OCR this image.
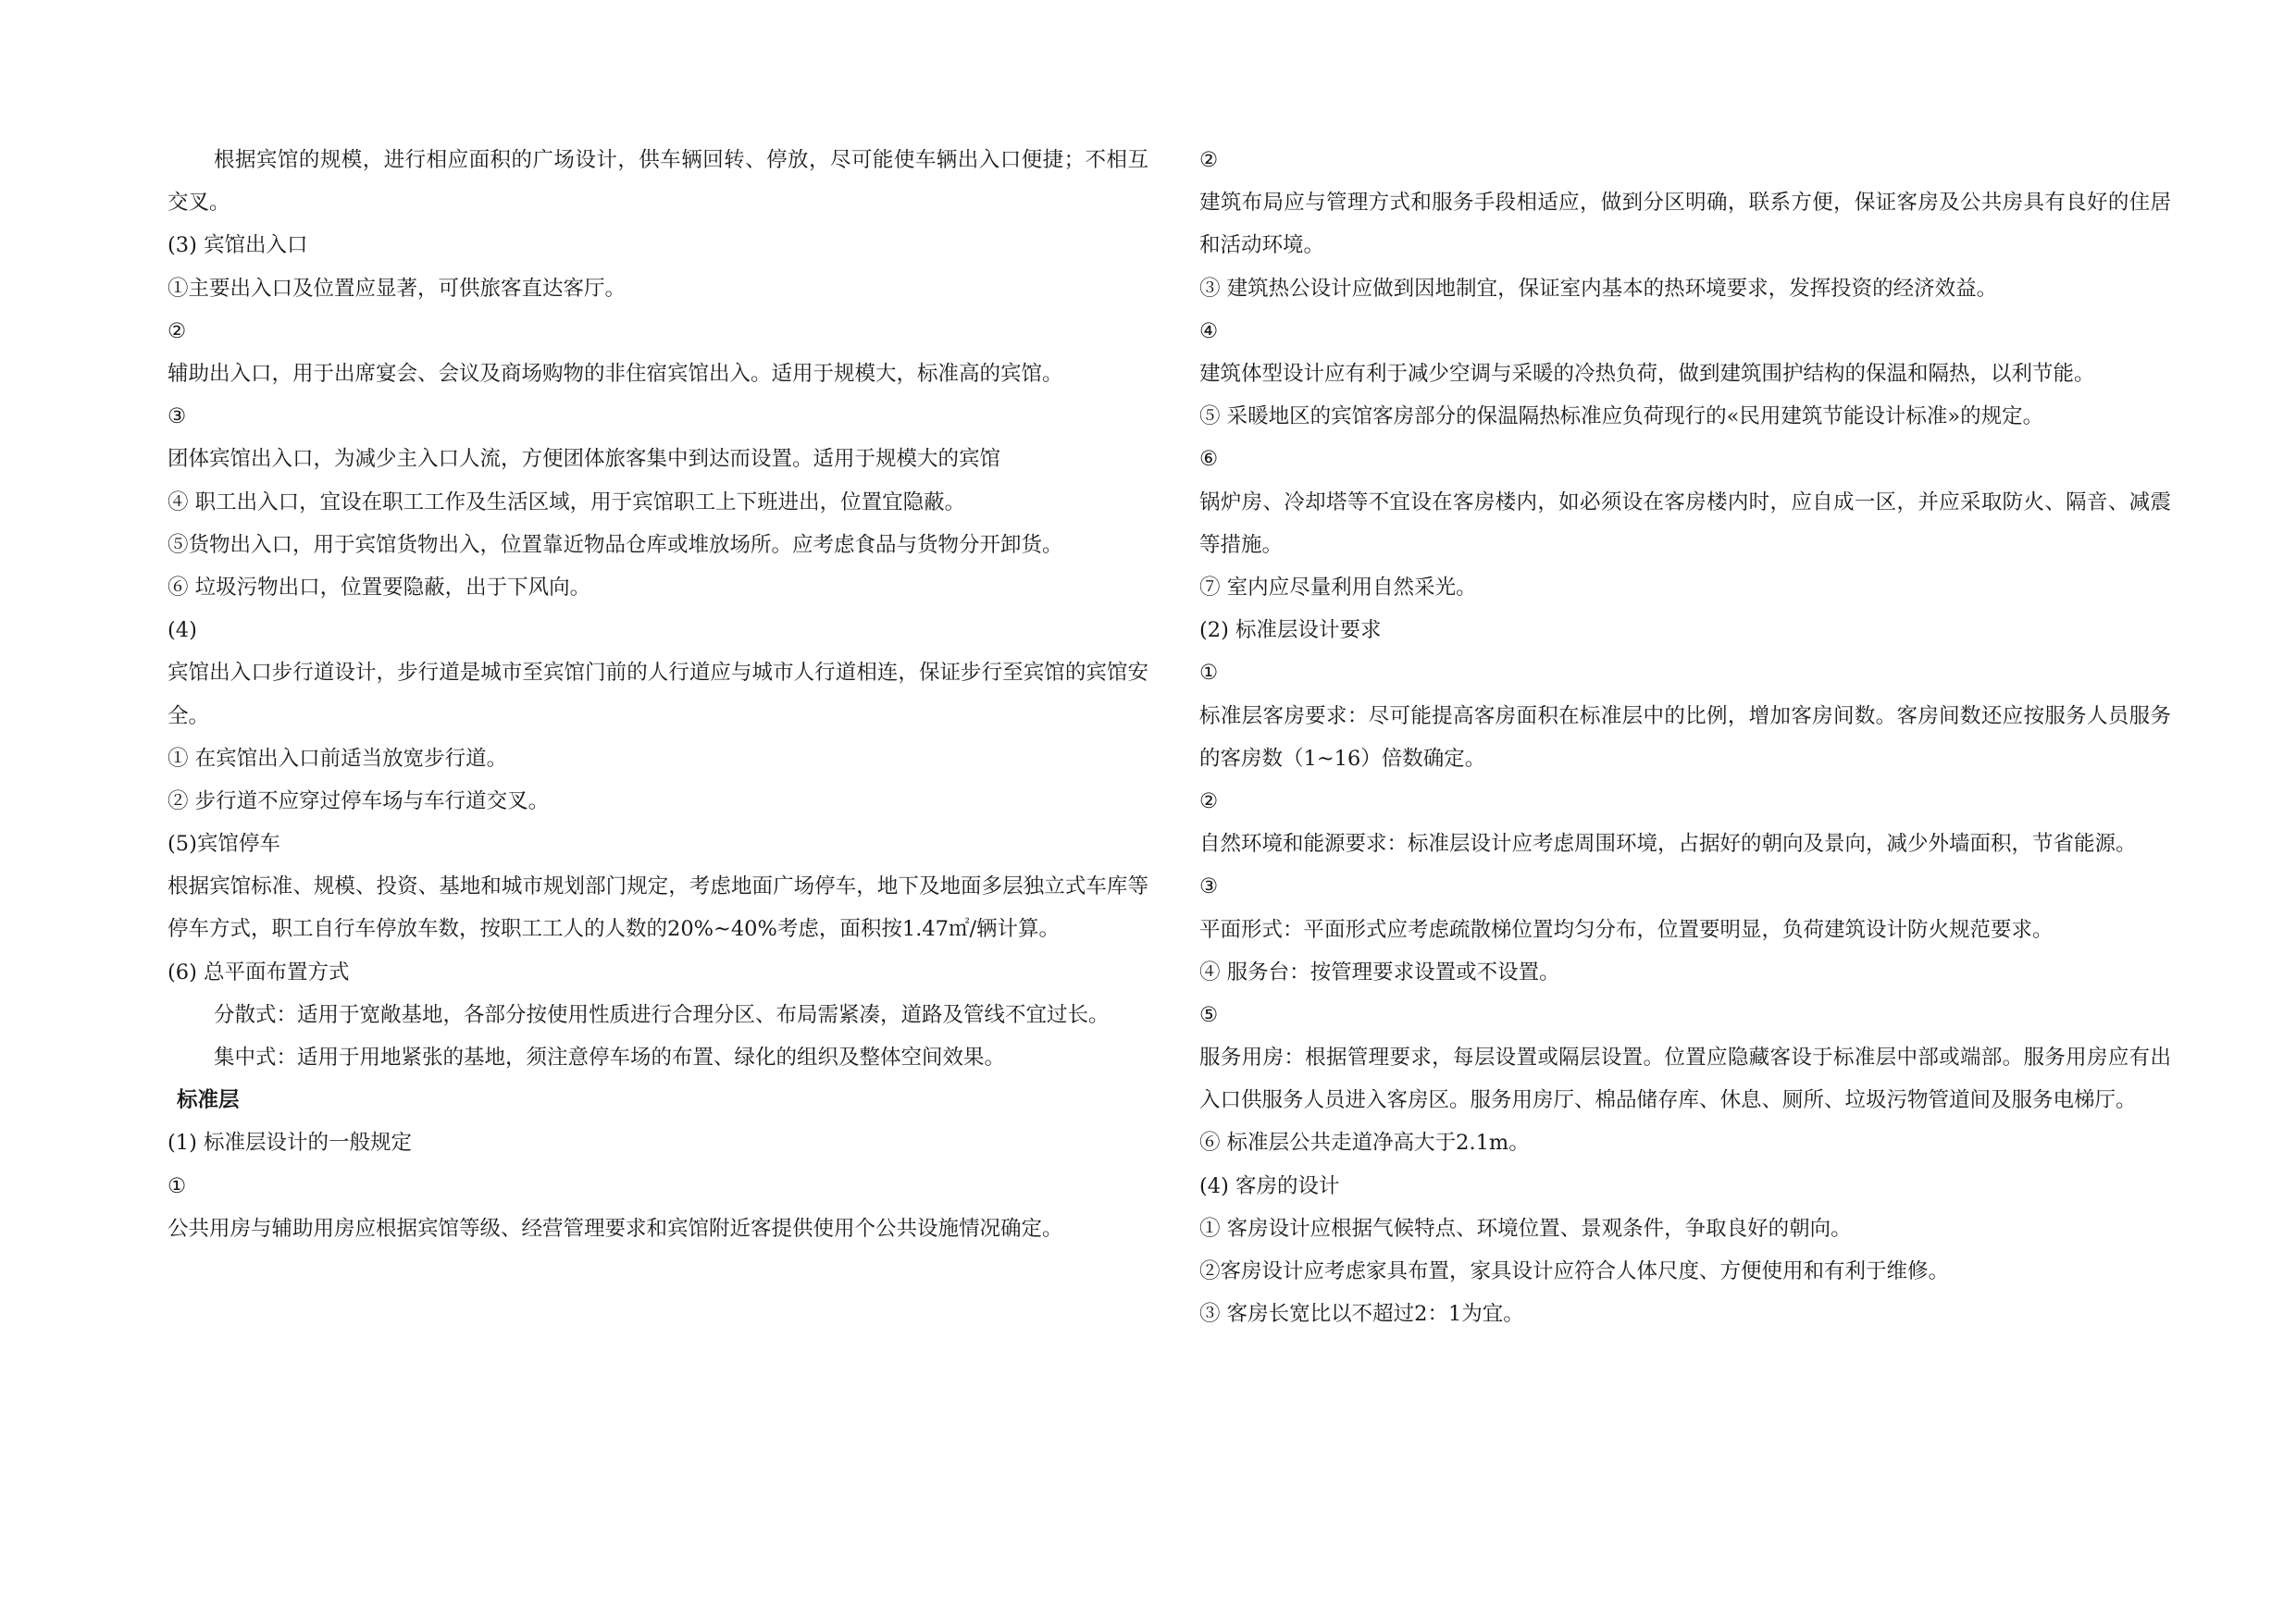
根据宾馆的规模，进行相应面积的广场设计，供车辆回转、停放，尽可能使车辆出入口便捷；不相互交叉。
(3) 宾馆出入口
①主要出入口及位置应显著，可供旅客直达客厅。
②
辅助出入口，用于出席宴会、会议及商场购物的非住宿宾馆出入。适用于规模大，标准高的宾馆。
③
团体宾馆出入口，为减少主入口人流，方便团体旅客集中到达而设置。适用于规模大的宾馆
④ 职工出入口，宜设在职工工作及生活区域，用于宾馆职工上下班进出，位置宜隐蔽。
⑤货物出入口，用于宾馆货物出入，位置靠近物品仓库或堆放场所。应考虑食品与货物分开卸货。
⑥ 垃圾污物出口，位置要隐蔽，出于下风向。
(4)
宾馆出入口步行道设计，步行道是城市至宾馆门前的人行道应与城市人行道相连，保证步行至宾馆的宾馆安全。
① 在宾馆出入口前适当放宽步行道。
② 步行道不应穿过停车场与车行道交叉。
(5)宾馆停车
根据宾馆标准、规模、投资、基地和城市规划部门规定，考虑地面广场停车，地下及地面多层独立式车库等停车方式，职工自行车停放车数，按职工工人的人数的20%~40%考虑，面积按1.47㎡/辆计算。
(6) 总平面布置方式
分散式：适用于宽敞基地，各部分按使用性质进行合理分区、布局需紧凑，道路及管线不宜过长。
集中式：适用于用地紧张的基地，须注意停车场的布置、绿化的组织及整体空间效果。
标准层
(1) 标准层设计的一般规定
①
公共用房与辅助用房应根据宾馆等级、经营管理要求和宾馆附近客提供使用个公共设施情况确定。
②
建筑布局应与管理方式和服务手段相适应，做到分区明确，联系方便，保证客房及公共房具有良好的住居和活动环境。
③ 建筑热公设计应做到因地制宜，保证室内基本的热环境要求，发挥投资的经济效益。
④
建筑体型设计应有利于减少空调与采暖的冷热负荷，做到建筑围护结构的保温和隔热，以利节能。
⑤ 采暖地区的宾馆客房部分的保温隔热标准应负荷现行的«民用建筑节能设计标准»的规定。
⑥
锅炉房、冷却塔等不宜设在客房楼内，如必须设在客房楼内时，应自成一区，并应采取防火、隔音、减震等措施。
⑦ 室内应尽量利用自然采光。
(2) 标准层设计要求
①
标准层客房要求：尽可能提高客房面积在标准层中的比例，增加客房间数。客房间数还应按服务人员服务的客房数（1~16）倍数确定。
②
自然环境和能源要求：标准层设计应考虑周围环境，占据好的朝向及景向，减少外墙面积，节省能源。
③
平面形式：平面形式应考虑疏散梯位置均匀分布，位置要明显，负荷建筑设计防火规范要求。
④ 服务台：按管理要求设置或不设置。
⑤
服务用房：根据管理要求，每层设置或隔层设置。位置应隐藏客设于标准层中部或端部。服务用房应有出入口供服务人员进入客房区。服务用房厅、棉品储存库、休息、厕所、垃圾污物管道间及服务电梯厅。
⑥ 标准层公共走道净高大于2.1m。
(4) 客房的设计
① 客房设计应根据气候特点、环境位置、景观条件，争取良好的朝向。
②客房设计应考虑家具布置，家具设计应符合人体尺度、方便使用和有利于维修。
③ 客房长宽比以不超过2：1为宜。
